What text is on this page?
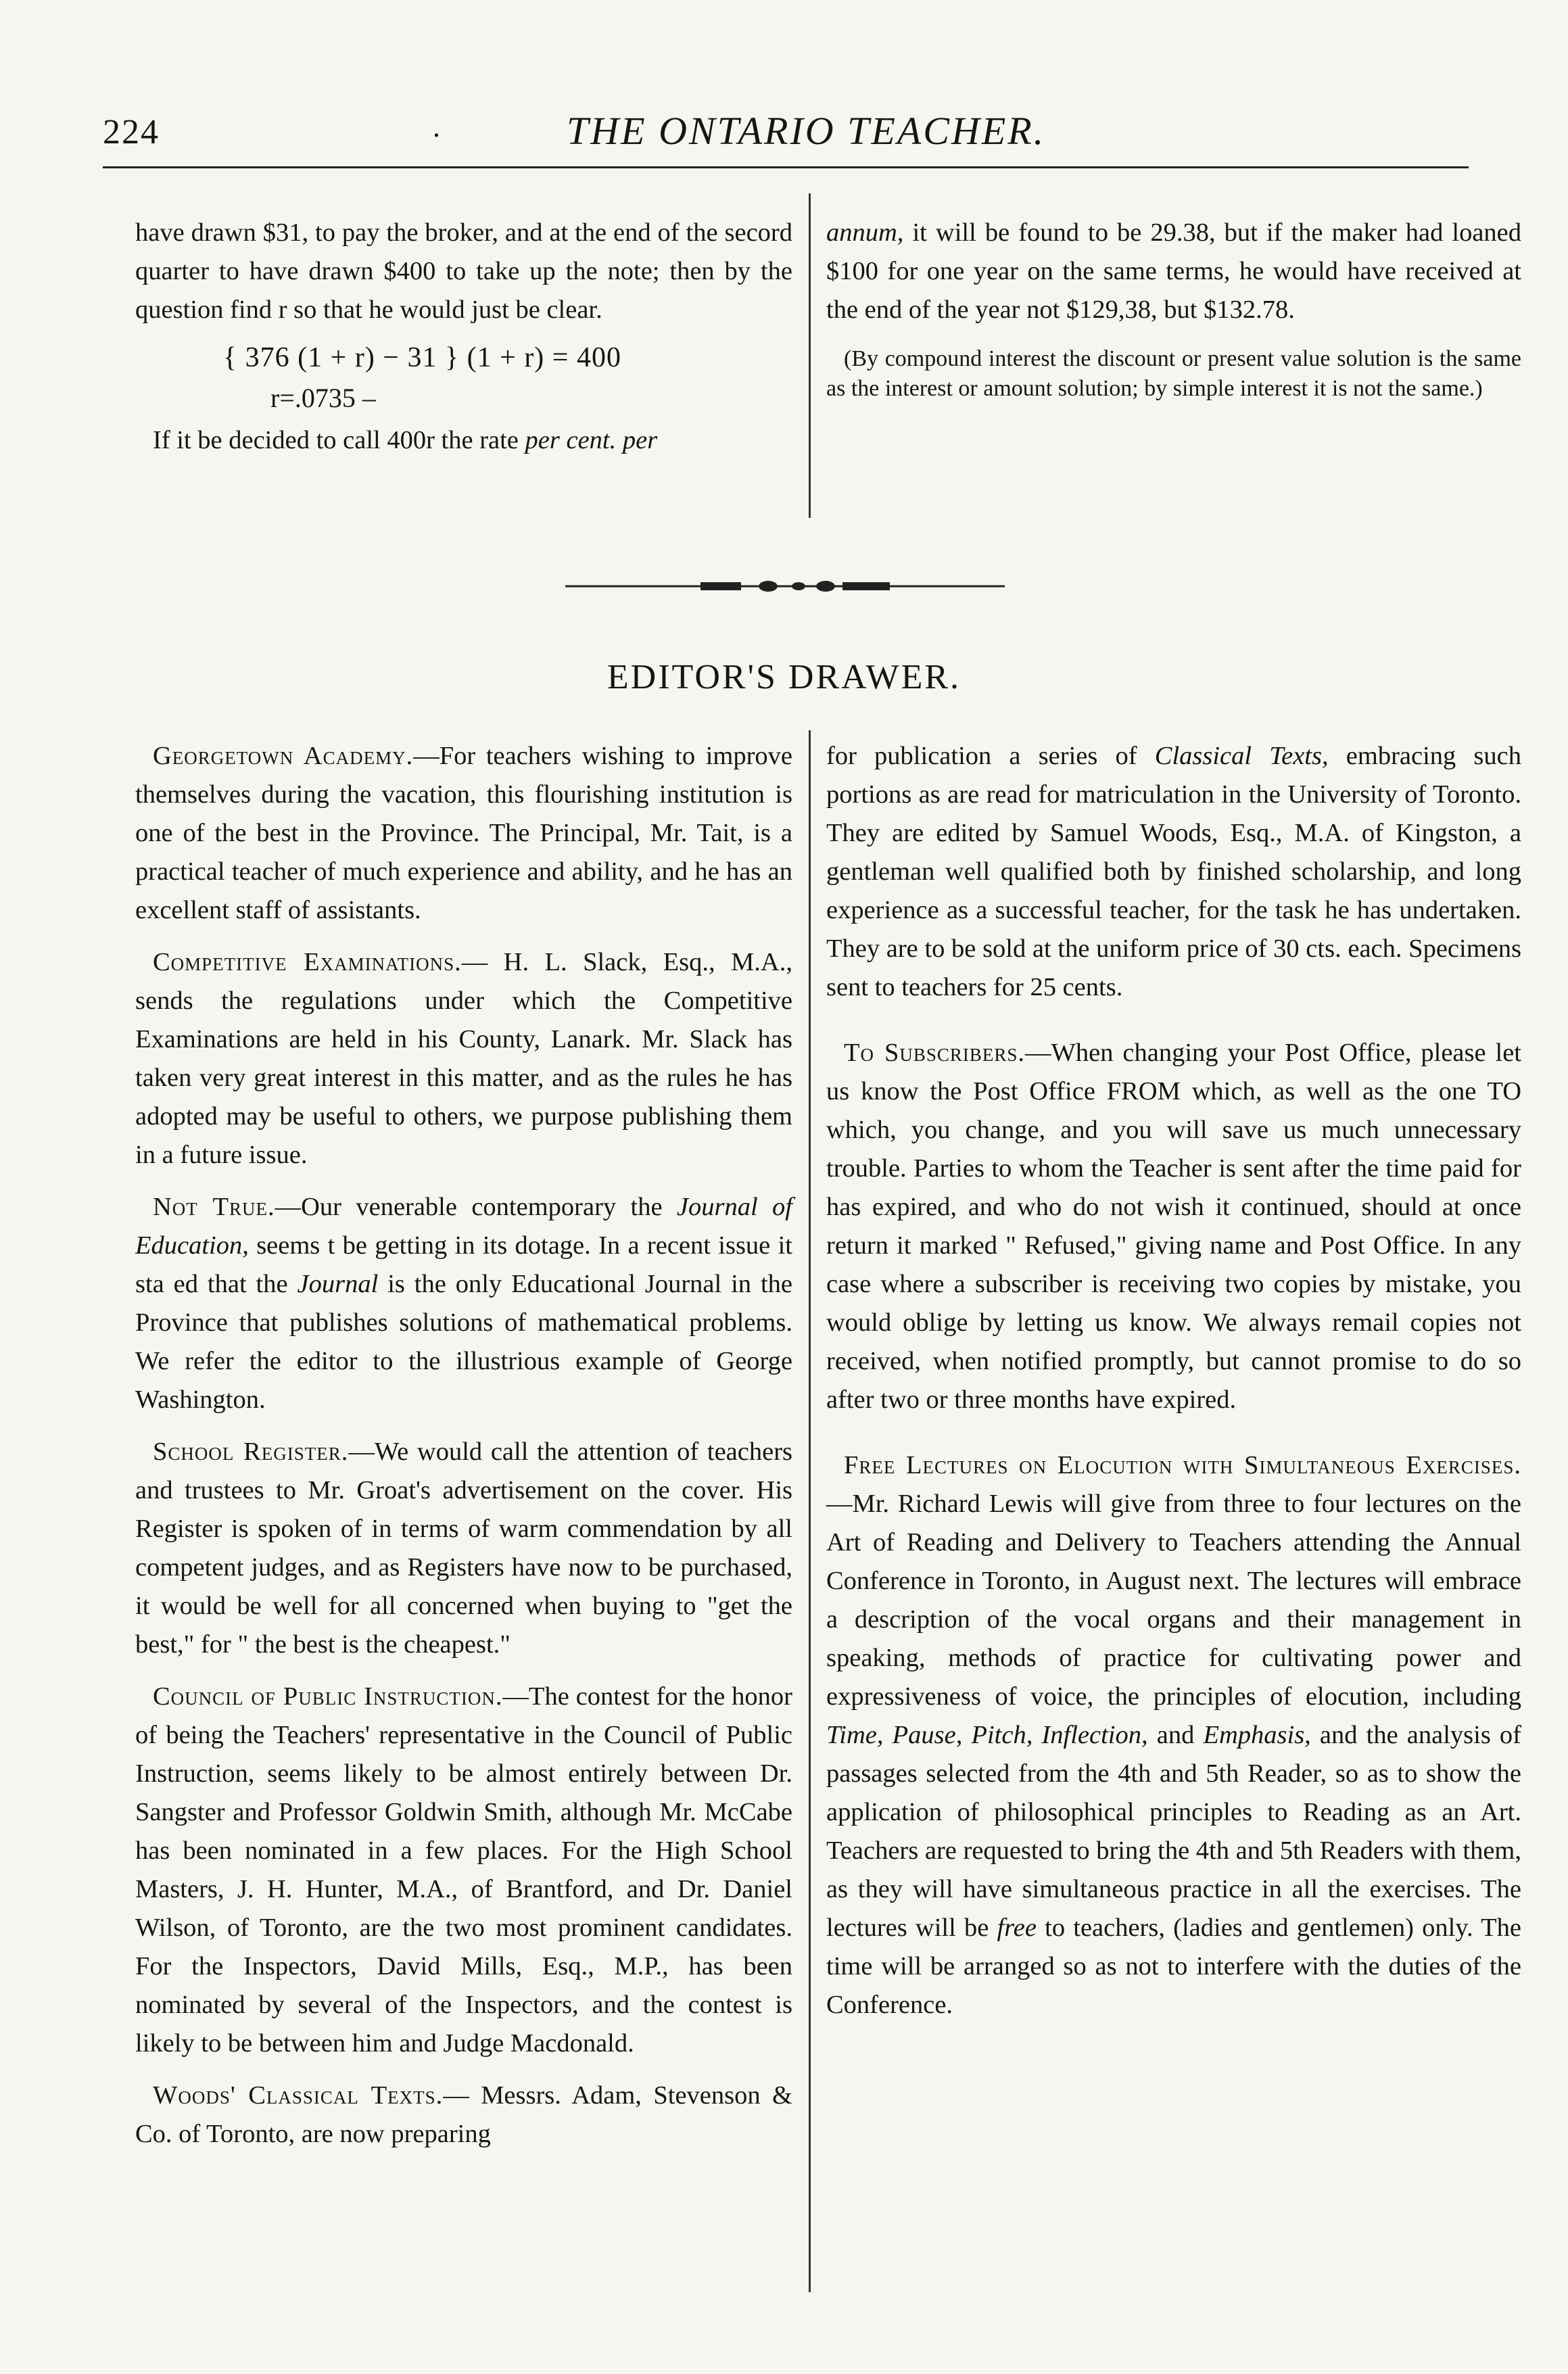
224	.	THE ONTARIO TEACHER.

have drawn $31, to pay the broker, and at the end of the secord quarter to have drawn $400 to take up the note; then by the question find r so that he would just be clear.

{ 376 (1 + r) − 31 } (1 + r) = 400

r=.0735 –

If it be decided to call 400r the rate per cent. per

annum, it will be found to be 29.38, but if the maker had loaned $100 for one year on the same terms, he would have received at the end of the year not $129,38, but $132.78.

(By compound interest the discount or present value solution is the same as the interest or amount solution; by simple interest it is not the same.)

EDITOR'S DRAWER.

Georgetown Academy.—For teachers wishing to improve themselves during the vacation, this flourishing institution is one of the best in the Province. The Principal, Mr. Tait, is a practical teacher of much experience and ability, and he has an excellent staff of assistants.

Competitive Examinations.— H. L. Slack, Esq., M.A., sends the regulations under which the Competitive Examinations are held in his County, Lanark. Mr. Slack has taken very great interest in this matter, and as the rules he has adopted may be useful to others, we purpose publishing them in a future issue.

Not True.—Our venerable contemporary the Journal of Education, seems t be getting in its dotage. In a recent issue it sta ed that the Journal is the only Educational Journal in the Province that publishes solutions of mathematical problems. We refer the editor to the illustrious example of George Washington.

School Register.—We would call the attention of teachers and trustees to Mr. Groat's advertisement on the cover. His Register is spoken of in terms of warm commendation by all competent judges, and as Registers have now to be purchased, it would be well for all concerned when buying to "get the best," for " the best is the cheapest."

Council of Public Instruction.—The contest for the honor of being the Teachers' representative in the Council of Public Instruction, seems likely to be almost entirely between Dr. Sangster and Professor Goldwin Smith, although Mr. McCabe has been nominated in a few places. For the High School Masters, J. H. Hunter, M.A., of Brantford, and Dr. Daniel Wilson, of Toronto, are the two most prominent candidates. For the Inspectors, David Mills, Esq., M.P., has been nominated by several of the Inspectors, and the contest is likely to be between him and Judge Macdonald.

Woods' Classical Texts.— Messrs. Adam, Stevenson & Co. of Toronto, are now preparing

for publication a series of Classical Texts, embracing such portions as are read for matriculation in the University of Toronto. They are edited by Samuel Woods, Esq., M.A. of Kingston, a gentleman well qualified both by finished scholarship, and long experience as a successful teacher, for the task he has undertaken. They are to be sold at the uniform price of 30 cts. each. Specimens sent to teachers for 25 cents.

To Subscribers.—When changing your Post Office, please let us know the Post Office FROM which, as well as the one TO which, you change, and you will save us much unnecessary trouble. Parties to whom the Teacher is sent after the time paid for has expired, and who do not wish it continued, should at once return it marked " Refused," giving name and Post Office. In any case where a subscriber is receiving two copies by mistake, you would oblige by letting us know. We always remail copies not received, when notified promptly, but cannot promise to do so after two or three months have expired.

Free Lectures on Elocution with Simultaneous Exercises.—Mr. Richard Lewis will give from three to four lectures on the Art of Reading and Delivery to Teachers attending the Annual Conference in Toronto, in August next. The lectures will embrace a description of the vocal organs and their management in speaking, methods of practice for cultivating power and expressiveness of voice, the principles of elocution, including Time, Pause, Pitch, Inflection, and Emphasis, and the analysis of passages selected from the 4th and 5th Reader, so as to show the application of philosophical principles to Reading as an Art. Teachers are requested to bring the 4th and 5th Readers with them, as they will have simultaneous practice in all the exercises. The lectures will be free to teachers, (ladies and gentlemen) only. The time will be arranged so as not to interfere with the duties of the Conference.
